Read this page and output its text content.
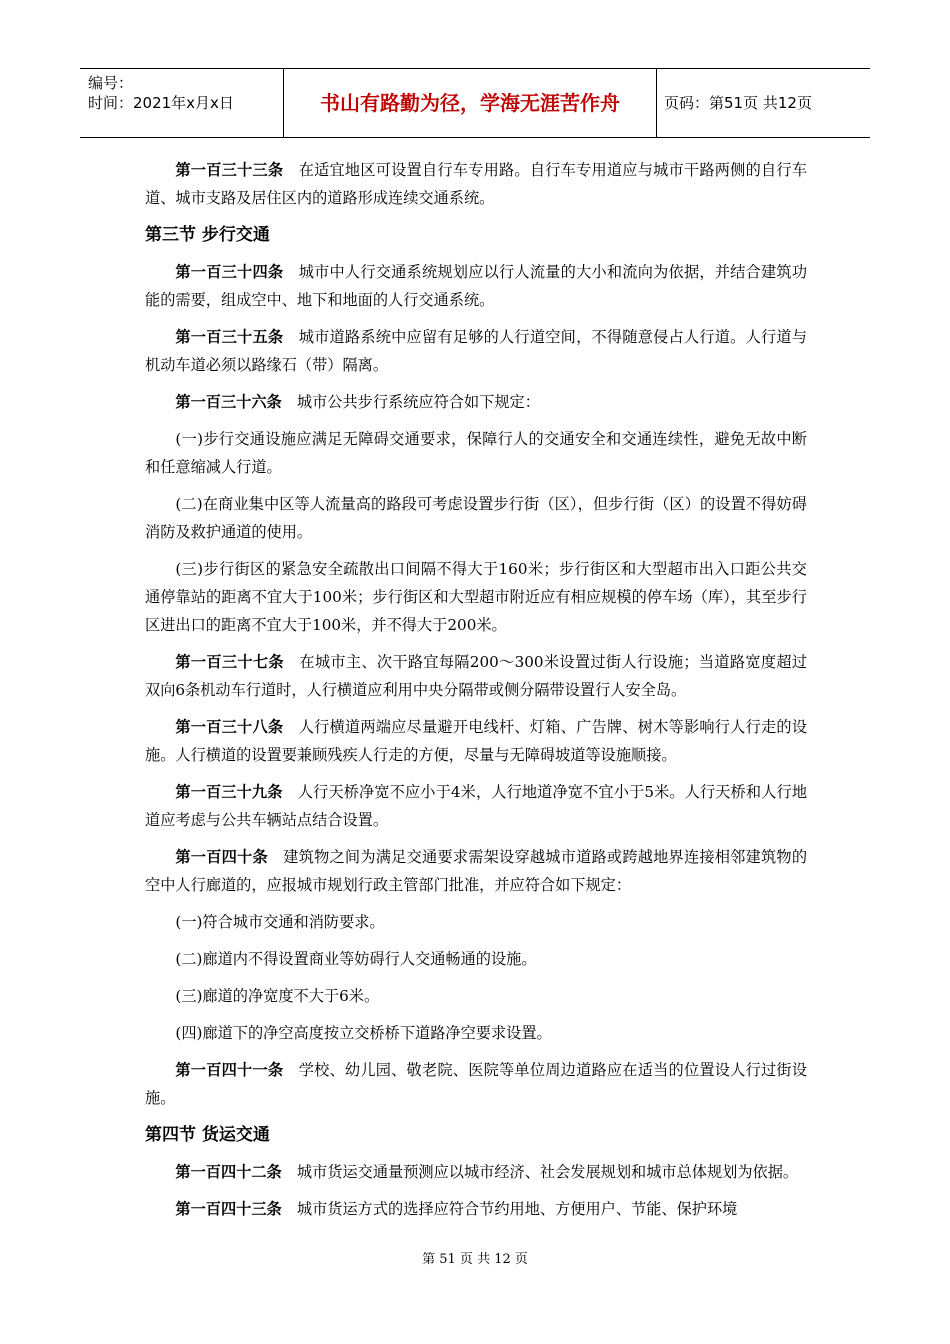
编号：
时间：2021年x月x日	书山有路勤为径，学海无涯苦作舟	页码：第51页 共12页

第一百三十三条　 在适宜地区可设置自行车专用路。自行车专用道应与城市干路两侧的自行车道、城市支路及居住区内的道路形成连续交通系统。

第三节 步行交通

第一百三十四条　 城市中人行交通系统规划应以行人流量的大小和流向为依据，并结合建筑功能的需要，组成空中、地下和地面的人行交通系统。

第一百三十五条　 城市道路系统中应留有足够的人行道空间，不得随意侵占人行道。人行道与机动车道必须以路缘石（带）隔离。

第一百三十六条　 城市公共步行系统应符合如下规定：

(一)步行交通设施应满足无障碍交通要求，保障行人的交通安全和交通连续性，避免无故中断和任意缩减人行道。

(二)在商业集中区等人流量高的路段可考虑设置步行街（区），但步行街（区）的设置不得妨碍消防及救护通道的使用。

(三)步行街区的紧急安全疏散出口间隔不得大于160米；步行街区和大型超市出入口距公共交通停靠站的距离不宜大于100米；步行街区和大型超市附近应有相应规模的停车场（库），其至步行区进出口的距离不宜大于100米，并不得大于200米。

第一百三十七条　 在城市主、次干路宜每隔200～300米设置过街人行设施；当道路宽度超过双向6条机动车行道时，人行横道应利用中央分隔带或侧分隔带设置行人安全岛。

第一百三十八条　 人行横道两端应尽量避开电线杆、灯箱、广告牌、树木等影响行人行走的设施。人行横道的设置要兼顾残疾人行走的方便，尽量与无障碍坡道等设施顺接。

第一百三十九条　 人行天桥净宽不应小于4米，人行地道净宽不宜小于5米。人行天桥和人行地道应考虑与公共车辆站点结合设置。

第一百四十条　 建筑物之间为满足交通要求需架设穿越城市道路或跨越地界连接相邻建筑物的空中人行廊道的，应报城市规划行政主管部门批准，并应符合如下规定：

(一)符合城市交通和消防要求。

(二)廊道内不得设置商业等妨碍行人交通畅通的设施。

(三)廊道的净宽度不大于6米。

(四)廊道下的净空高度按立交桥桥下道路净空要求设置。

第一百四十一条　 学校、幼儿园、敬老院、医院等单位周边道路应在适当的位置设人行过街设施。

第四节 货运交通

第一百四十二条　 城市货运交通量预测应以城市经济、社会发展规划和城市总体规划为依据。

第一百四十三条　 城市货运方式的选择应符合节约用地、方便用户、节能、保护环境

第 51 页 共 12 页
